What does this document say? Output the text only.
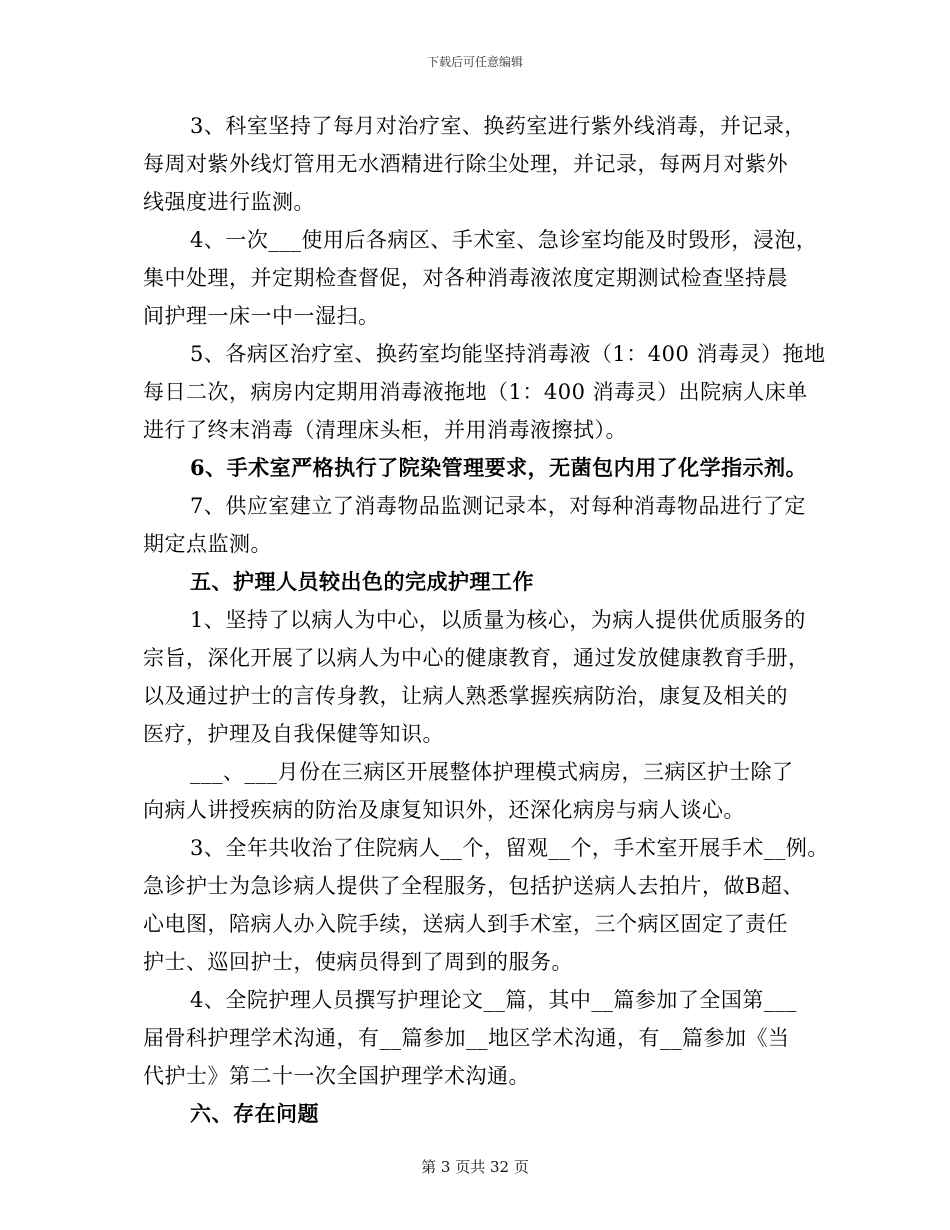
下载后可任意编辑
3、科室坚持了每月对治疗室、换药室进行紫外线消毒，并记录，
每周对紫外线灯管用无水酒精进行除尘处理，并记录，每两月对紫外
线强度进行监测。
4、一次___使用后各病区、手术室、急诊室均能及时毁形，浸泡，
集中处理，并定期检查督促，对各种消毒液浓度定期测试检查坚持晨
间护理一床一中一湿扫。
5、各病区治疗室、换药室均能坚持消毒液（1：400 消毒灵）拖地
每日二次，病房内定期用消毒液拖地（1：400 消毒灵）出院病人床单
进行了终末消毒（清理床头柜，并用消毒液擦拭）。
6、手术室严格执行了院染管理要求，无菌包内用了化学指示剂。
7、供应室建立了消毒物品监测记录本，对每种消毒物品进行了定
期定点监测。
五、护理人员较出色的完成护理工作
1、坚持了以病人为中心，以质量为核心，为病人提供优质服务的
宗旨，深化开展了以病人为中心的健康教育，通过发放健康教育手册，
以及通过护士的言传身教，让病人熟悉掌握疾病防治，康复及相关的
医疗，护理及自我保健等知识。
___、___月份在三病区开展整体护理模式病房，三病区护士除了
向病人讲授疾病的防治及康复知识外，还深化病房与病人谈心。
3、全年共收治了住院病人__个，留观__个，手术室开展手术__例。
急诊护士为急诊病人提供了全程服务，包括护送病人去拍片，做B超、
心电图，陪病人办入院手续，送病人到手术室，三个病区固定了责任
护士、巡回护士，使病员得到了周到的服务。
4、全院护理人员撰写护理论文__篇，其中__篇参加了全国第___
届骨科护理学术沟通，有__篇参加__地区学术沟通，有__篇参加《当
代护士》第二十一次全国护理学术沟通。
六、存在问题
第 3 页共 32 页
